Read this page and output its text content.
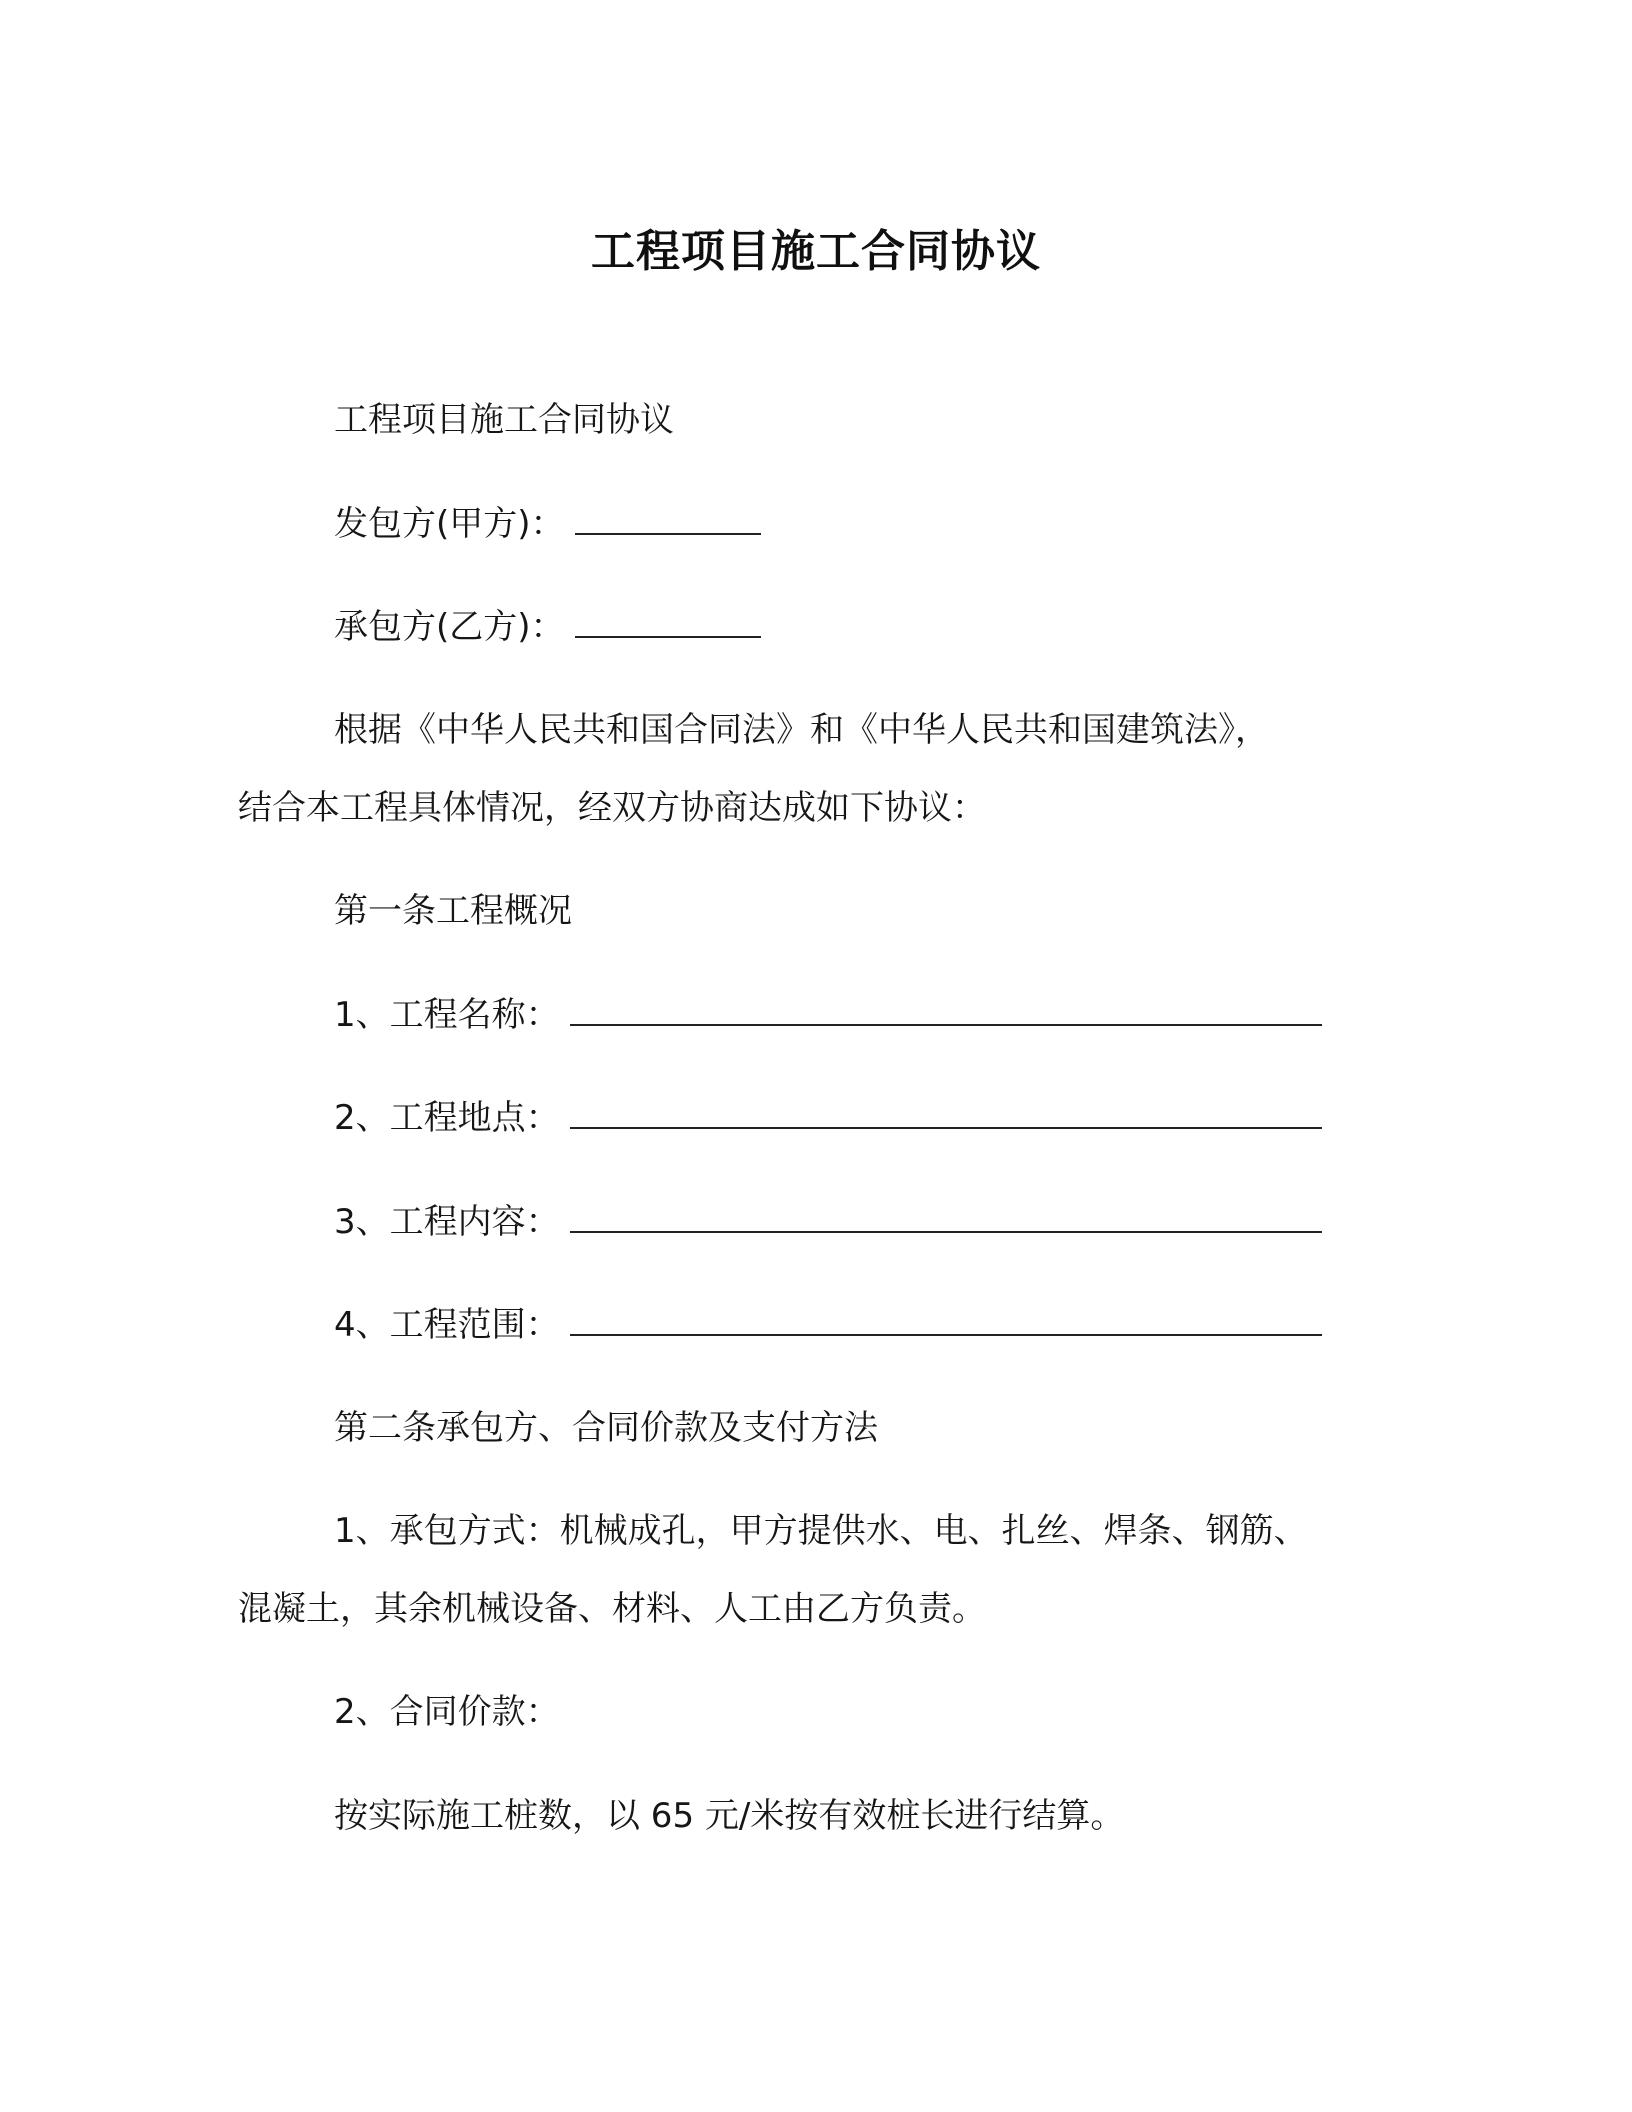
工程项目施工合同协议
工程项目施工合同协议
发包方(甲方)：
承包方(乙方)：
根据《中华人民共和国合同法》和《中华人民共和国建筑法》，
结合本工程具体情况，经双方协商达成如下协议：
第一条工程概况
1、工程名称：
2、工程地点：
3、工程内容：
4、工程范围：
第二条承包方、合同价款及支付方法
1、承包方式：机械成孔，甲方提供水、电、扎丝、焊条、钢筋、
混凝土，其余机械设备、材料、人工由乙方负责。
2、合同价款：
按实际施工桩数，以 65 元/米按有效桩长进行结算。
